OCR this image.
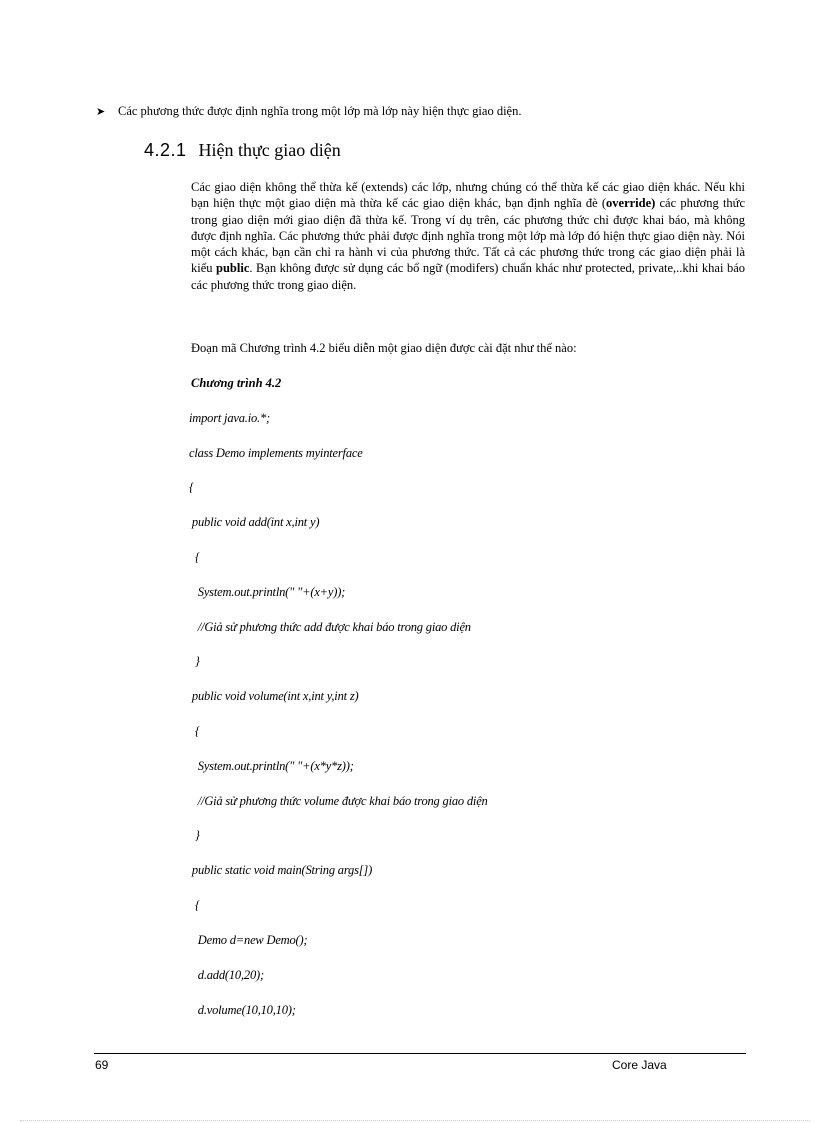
➤ Các phương thức được định nghĩa trong một lớp mà lớp này hiện thực giao diện.
4.2.1 Hiện thực giao diện
Các giao diện không thể thừa kế (extends) các lớp, nhưng chúng có thể thừa kế các giao diện khác. Nếu khi bạn hiện thực một giao diện mà thừa kế các giao diện khác, bạn định nghĩa đè (override) các phương thức trong giao diện mới giao diện đã thừa kế. Trong ví dụ trên, các phương thức chỉ được khai báo, mà không được định nghĩa. Các phương thức phải được định nghĩa trong một lớp mà lớp đó hiện thực giao diện này. Nói một cách khác, bạn cần chỉ ra hành vi của phương thức. Tất cả các phương thức trong các giao diện phải là kiểu public. Bạn không được sử dụng các bổ ngữ (modifers) chuẩn khác như protected, private,..khi khai báo các phương thức trong giao diện.
Đoạn mã Chương trình 4.2 biểu diễn một giao diện được cài đặt như thế nào:
Chương trình 4.2
import java.io.*;
class Demo implements myinterface
{
public void add(int x,int y)
{
System.out.println(" "+(x+y));
//Giả sử phương thức add được khai báo trong giao diện
}
public void volume(int x,int y,int z)
{
System.out.println(" "+(x*y*z));
//Giả sử phương thức volume được khai báo trong giao diện
}
public static void main(String args[])
{
Demo d=new Demo();
d.add(10,20);
d.volume(10,10,10);
69	Core Java
